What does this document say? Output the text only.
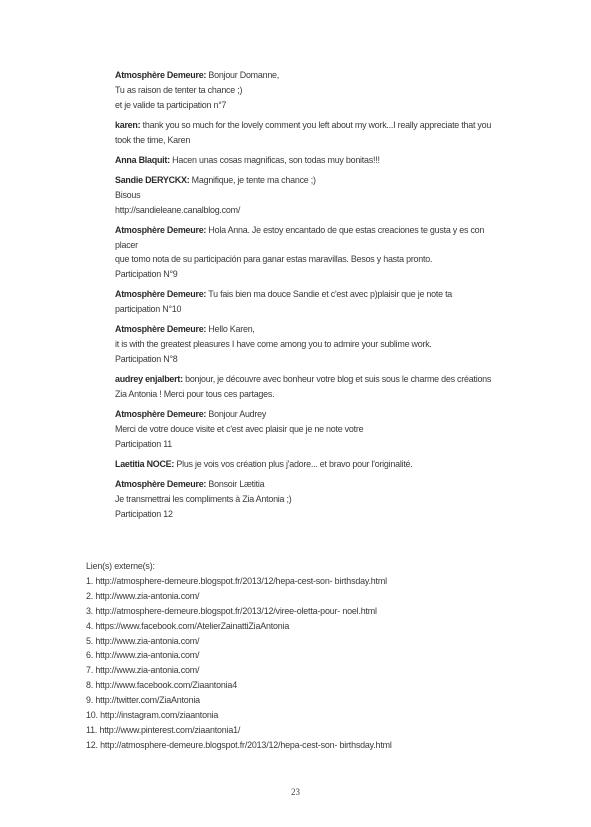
Atmosphère Demeure: Bonjour Domanne,
Tu as raison de tenter ta chance ;)
et je valide ta participation n°7
karen: thank you so much for the lovely comment you left about my work...I really appreciate that you
took the time, Karen
Anna Blaquit: Hacen unas cosas magnificas, son todas muy bonitas!!!
Sandie DERYCKX: Magnifique, je tente ma chance ;)
Bisous
http://sandieleane.canalblog.com/
Atmosphère Demeure: Hola Anna. Je estoy encantado de que estas creaciones te gusta y es con placer
que tomo nota de su participación para ganar estas maravillas. Besos y hasta pronto.
Participation N°9
Atmosphère Demeure: Tu fais bien ma douce Sandie et c'est avec p)plaisir que je note ta
participation N°10
Atmosphère Demeure: Hello Karen,
it is with the greatest pleasures I have come among you to admire your sublime work.
Participation N°8
audrey enjalbert: bonjour, je découvre avec bonheur votre blog et suis sous le charme des créations
Zia Antonia ! Merci pour tous ces partages.
Atmosphère Demeure: Bonjour Audrey
Merci de votre douce visite et c'est avec plaisir que je ne note votre
Participation 11
Laetitia NOCE: Plus je vois vos création plus j'adore... et bravo pour l'originalité.
Atmosphère Demeure: Bonsoir Lætitia
Je transmettrai les compliments à Zia Antonia ;)
Participation 12
Lien(s) externe(s):
1. http://atmosphere-demeure.blogspot.fr/2013/12/hepa-cest-son- birthsday.html
2. http://www.zia-antonia.com/
3. http://atmosphere-demeure.blogspot.fr/2013/12/viree-oletta-pour- noel.html
4. https://www.facebook.com/AtelierZainattiZiaAntonia
5. http://www.zia-antonia.com/
6. http://www.zia-antonia.com/
7. http://www.zia-antonia.com/
8. http://www.facebook.com/Ziaantonia4
9. http://twitter.com/ZiaAntonia
10. http://instagram.com/ziaantonia
11. http://www.pinterest.com/ziaantonia1/
12. http://atmosphere-demeure.blogspot.fr/2013/12/hepa-cest-son- birthsday.html
23
